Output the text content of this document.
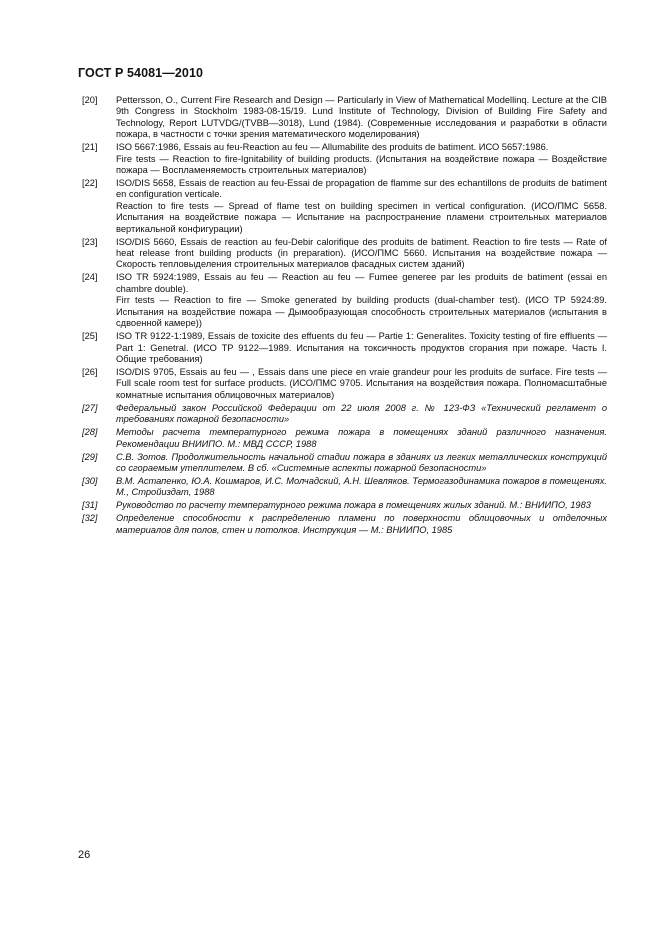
ГОСТ Р 54081—2010
[20]	Pettersson, O., Current Fire Research and Design — Particularly in View of Mathematical Modellinq. Lecture at the CIB 9th Congress in Stockholm 1983-08-15/19. Lund Institute of Technology, Division of Building Fire Safety and Technology, Report LUTVDG/(TVBB—3018), Lund (1984). (Современные исследования и разработки в области пожара, в частности с точки зрения математического моделирования)

[21]	ISO 5667:1986, Essais au feu-Reaction au feu — Allumabilite des produits de batiment. ИСО 5657:1986.

Fire tests — Reaction to fire-Ignitability of building products. (Испытания на воздействие пожара — Воздействие пожара — Воспламеняемость строительных материалов)

[22]	ISO/DIS 5658, Essais de reaction au feu-Essai de propagation de flamme sur des echantillons de produits de batiment en configuration verticale.

Reaction to fire tests — Spread of flame test on building specimen in vertical configuration. (ИСО/ПМС 5658. Испытания на воздействие пожара — Испытание на распространение пламени строительных материалов вертикальной конфигурации)

[23]	ISO/DIS 5660, Essais de reaction au feu-Debir calorifique des produits de batiment. Reaction to fire tests — Rate of heat release front building products (in preparation). (ИСО/ПМС 5660. Испытания на воздействие пожара — Скорость тепловыделения строительных материалов фасадных систем зданий)

[24]	ISO TR 5924:1989, Essais au feu — Reaction au feu — Fumee generee par les produits de batiment (essai en chambre double).

Firr tests — Reaction to fire — Smoke generated by building products (dual-chamber test). (ИСО ТР 5924:89. Испытания на воздействие пожара — Дымообразующая способность строительных материалов (испытания в сдвоенной камере))

[25]	ISO TR 9122-1:1989, Essais de toxicite des effuents du feu — Partie 1: Generalites. Toxicity testing of fire effluents — Part 1: Genetral. (ИСО ТР 9122—1989. Испытания на токсичность продуктов сгорания при пожаре. Часть I. Общие требования)

[26]	ISO/DIS 9705, Essais au feu — , Essais dans une piece en vraie grandeur pour les produits de surface. Fire tests — Full scale room test for surface products. (ИСО/ПМС 9705. Испытания на воздействия пожара. Полномасштабные комнатные испытания облицовочных материалов)

[27]	Федеральный закон Российской Федерации от 22 июля 2008 г. № 123-ФЗ «Технический регламент о требованиях пожарной безопасности»

[28]	Методы расчета температурного режима пожара в помещениях зданий различного назначения. Рекомендации ВНИИПО. М.: МВД СССР, 1988

[29]	С.В. Зотов. Продолжительность начальной стадии пожара в зданиях из легких металлических конструкций со сгораемым утеплителем. В сб. «Системные аспекты пожарной безопасности»

[30]	В.М. Астапенко, Ю.А. Кошмаров, И.С. Молчадский, А.Н. Шевляков. Термогазодинамика пожаров в помещениях. М., Стройиздат, 1988

[31]	Руководство по расчету температурного режима пожара в помещениях жилых зданий. М.: ВНИИПО, 1983

[32]	Определение способности к распределению пламени по поверхности облицовочных и отделочных материалов для полов, стен и потолков. Инструкция — М.: ВНИИПО, 1985

26
